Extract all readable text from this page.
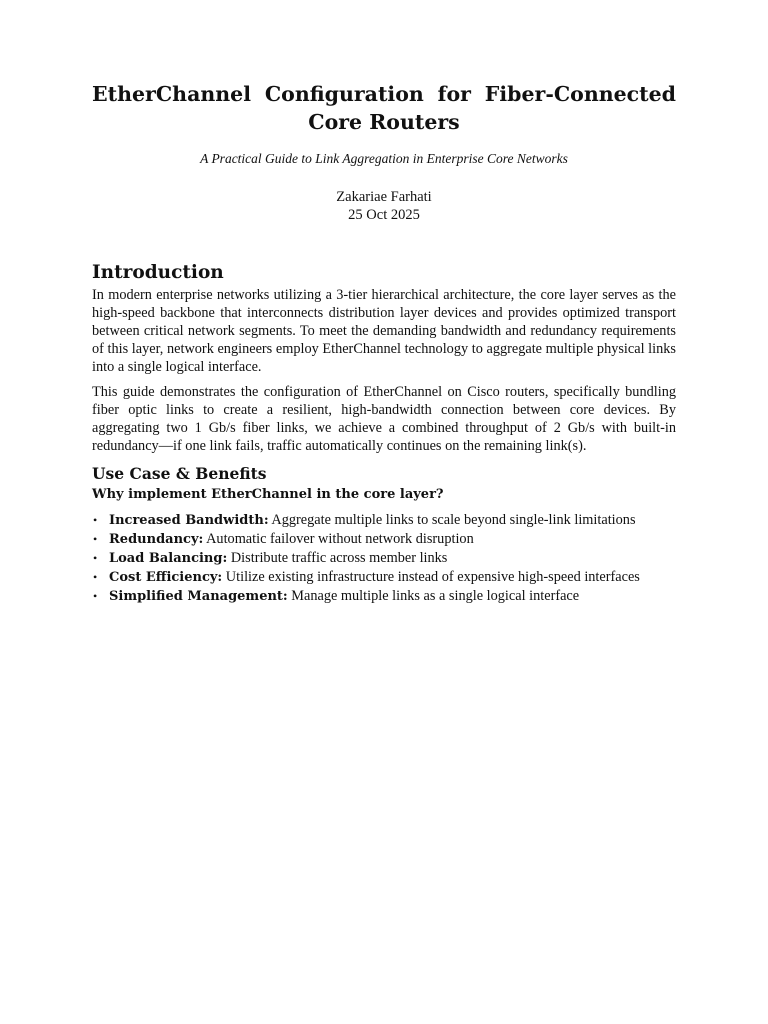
EtherChannel Configuration for Fiber-Connected Core Routers
A Practical Guide to Link Aggregation in Enterprise Core Networks
Zakariae Farhati
25 Oct 2025
Introduction

In modern enterprise networks utilizing a 3-tier hierarchical architecture, the core layer serves as the high-speed backbone that interconnects distribution layer devices and provides optimized transport between critical network segments. To meet the demanding bandwidth and redundancy requirements of this layer, network engineers employ EtherChannel technology to aggregate multiple physical links into a single logical interface.

This guide demonstrates the configuration of EtherChannel on Cisco routers, specifically bundling fiber optic links to create a resilient, high-bandwidth connection between core devices. By aggregating two 1 Gb/s fiber links, we achieve a combined throughput of 2 Gb/s with built-in redundancy—if one link fails, traffic automatically continues on the remaining link(s).

Use Case & Benefits
Why implement EtherChannel in the core layer?
• Increased Bandwidth: Aggregate multiple links to scale beyond single-link limitations
• Redundancy: Automatic failover without network disruption
• Load Balancing: Distribute traffic across member links
• Cost Efficiency: Utilize existing infrastructure instead of expensive high-speed interfaces
• Simplified Management: Manage multiple links as a single logical interface
